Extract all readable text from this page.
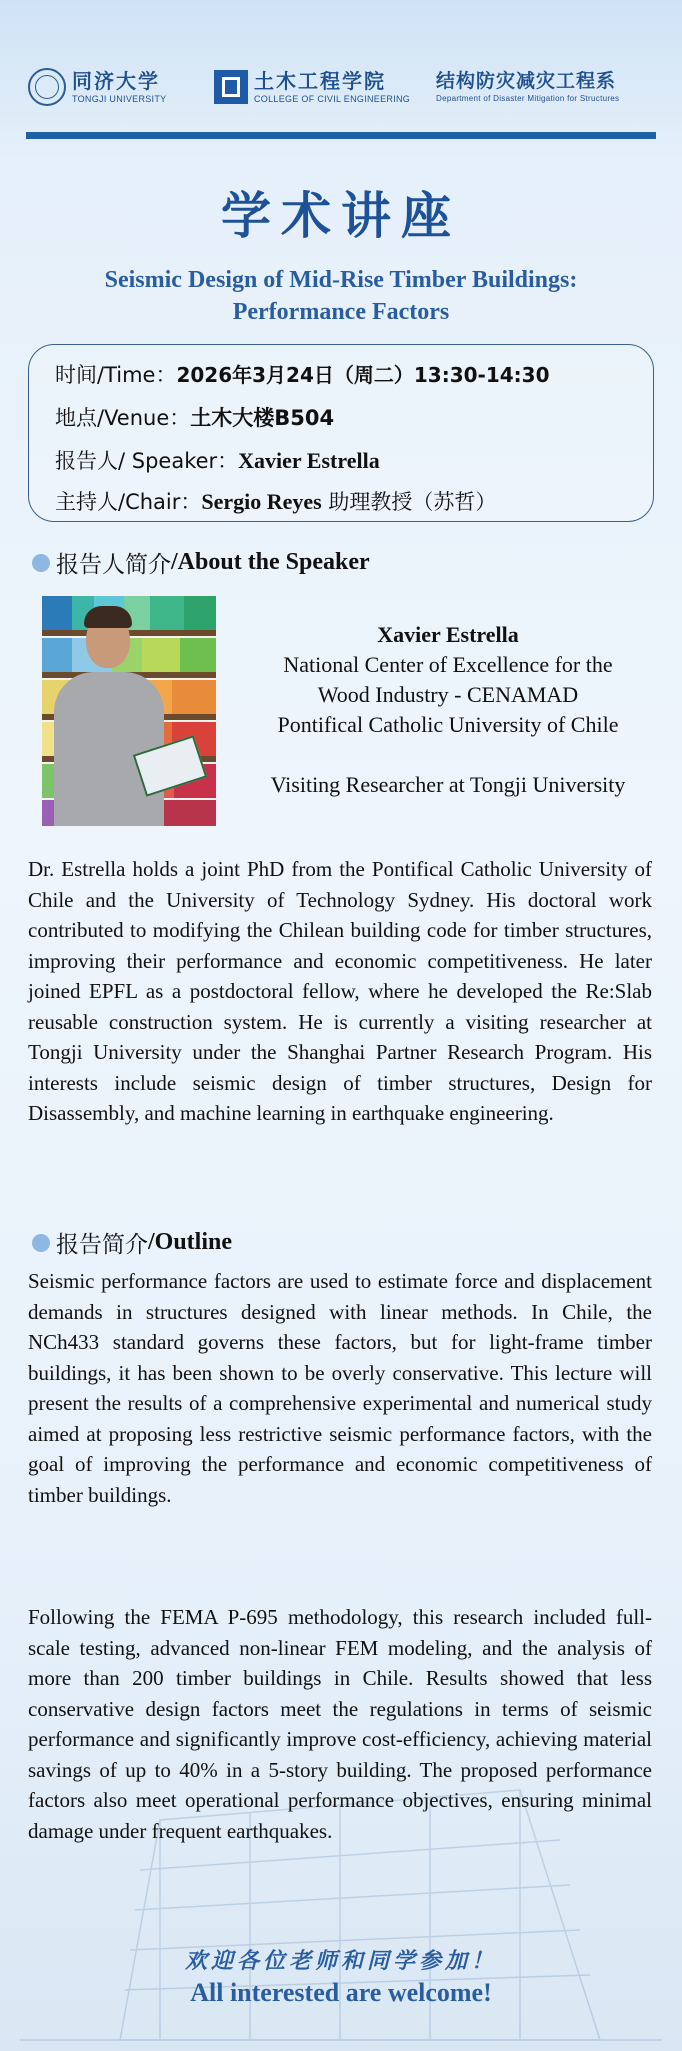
同济大学
TONGJI UNIVERSITY
土木工程学院
COLLEGE OF CIVIL ENGINEERING
结构防灾减灾工程系
Department of Disaster Mitigation for Structures
学术讲座
Seismic Design of Mid-Rise Timber Buildings:
Performance Factors
时间/Time：2026年3月24日（周二）13:30-14:30
地点/Venue：土木大楼B504
报告人/ Speaker：Xavier Estrella
主持人/Chair：Sergio Reyes 助理教授（苏哲）
报告人简介 /About the Speaker
Xavier Estrella
National Center of Excellence for the
Wood Industry - CENAMAD
Pontifical Catholic University of Chile
Visiting Researcher at Tongji University
Dr. Estrella holds a joint PhD from the Pontifical Catholic University of Chile and the University of Technology Sydney. His doctoral work contributed to modifying the Chilean building code for timber structures, improving their performance and economic competitiveness. He later joined EPFL as a postdoctoral fellow, where he developed the Re:Slab reusable construction system. He is currently a visiting researcher at Tongji University under the Shanghai Partner Research Program. His interests include seismic design of timber structures, Design for Disassembly, and machine learning in earthquake engineering.
报告简介 /Outline
Seismic performance factors are used to estimate force and displacement demands in structures designed with linear methods. In Chile, the NCh433 standard governs these factors, but for light-frame timber buildings, it has been shown to be overly conservative. This lecture will present the results of a comprehensive experimental and numerical study aimed at proposing less restrictive seismic performance factors, with the goal of improving the performance and economic competitiveness of timber buildings.
Following the FEMA P-695 methodology, this research included full-scale testing, advanced non-linear FEM modeling, and the analysis of more than 200 timber buildings in Chile. Results showed that less conservative design factors meet the regulations in terms of seismic performance and significantly improve cost-efficiency, achieving material savings of up to 40% in a 5-story building. The proposed performance factors also meet operational performance objectives, ensuring minimal damage under frequent earthquakes.
欢迎各位老师和同学参加！
All interested are welcome!
